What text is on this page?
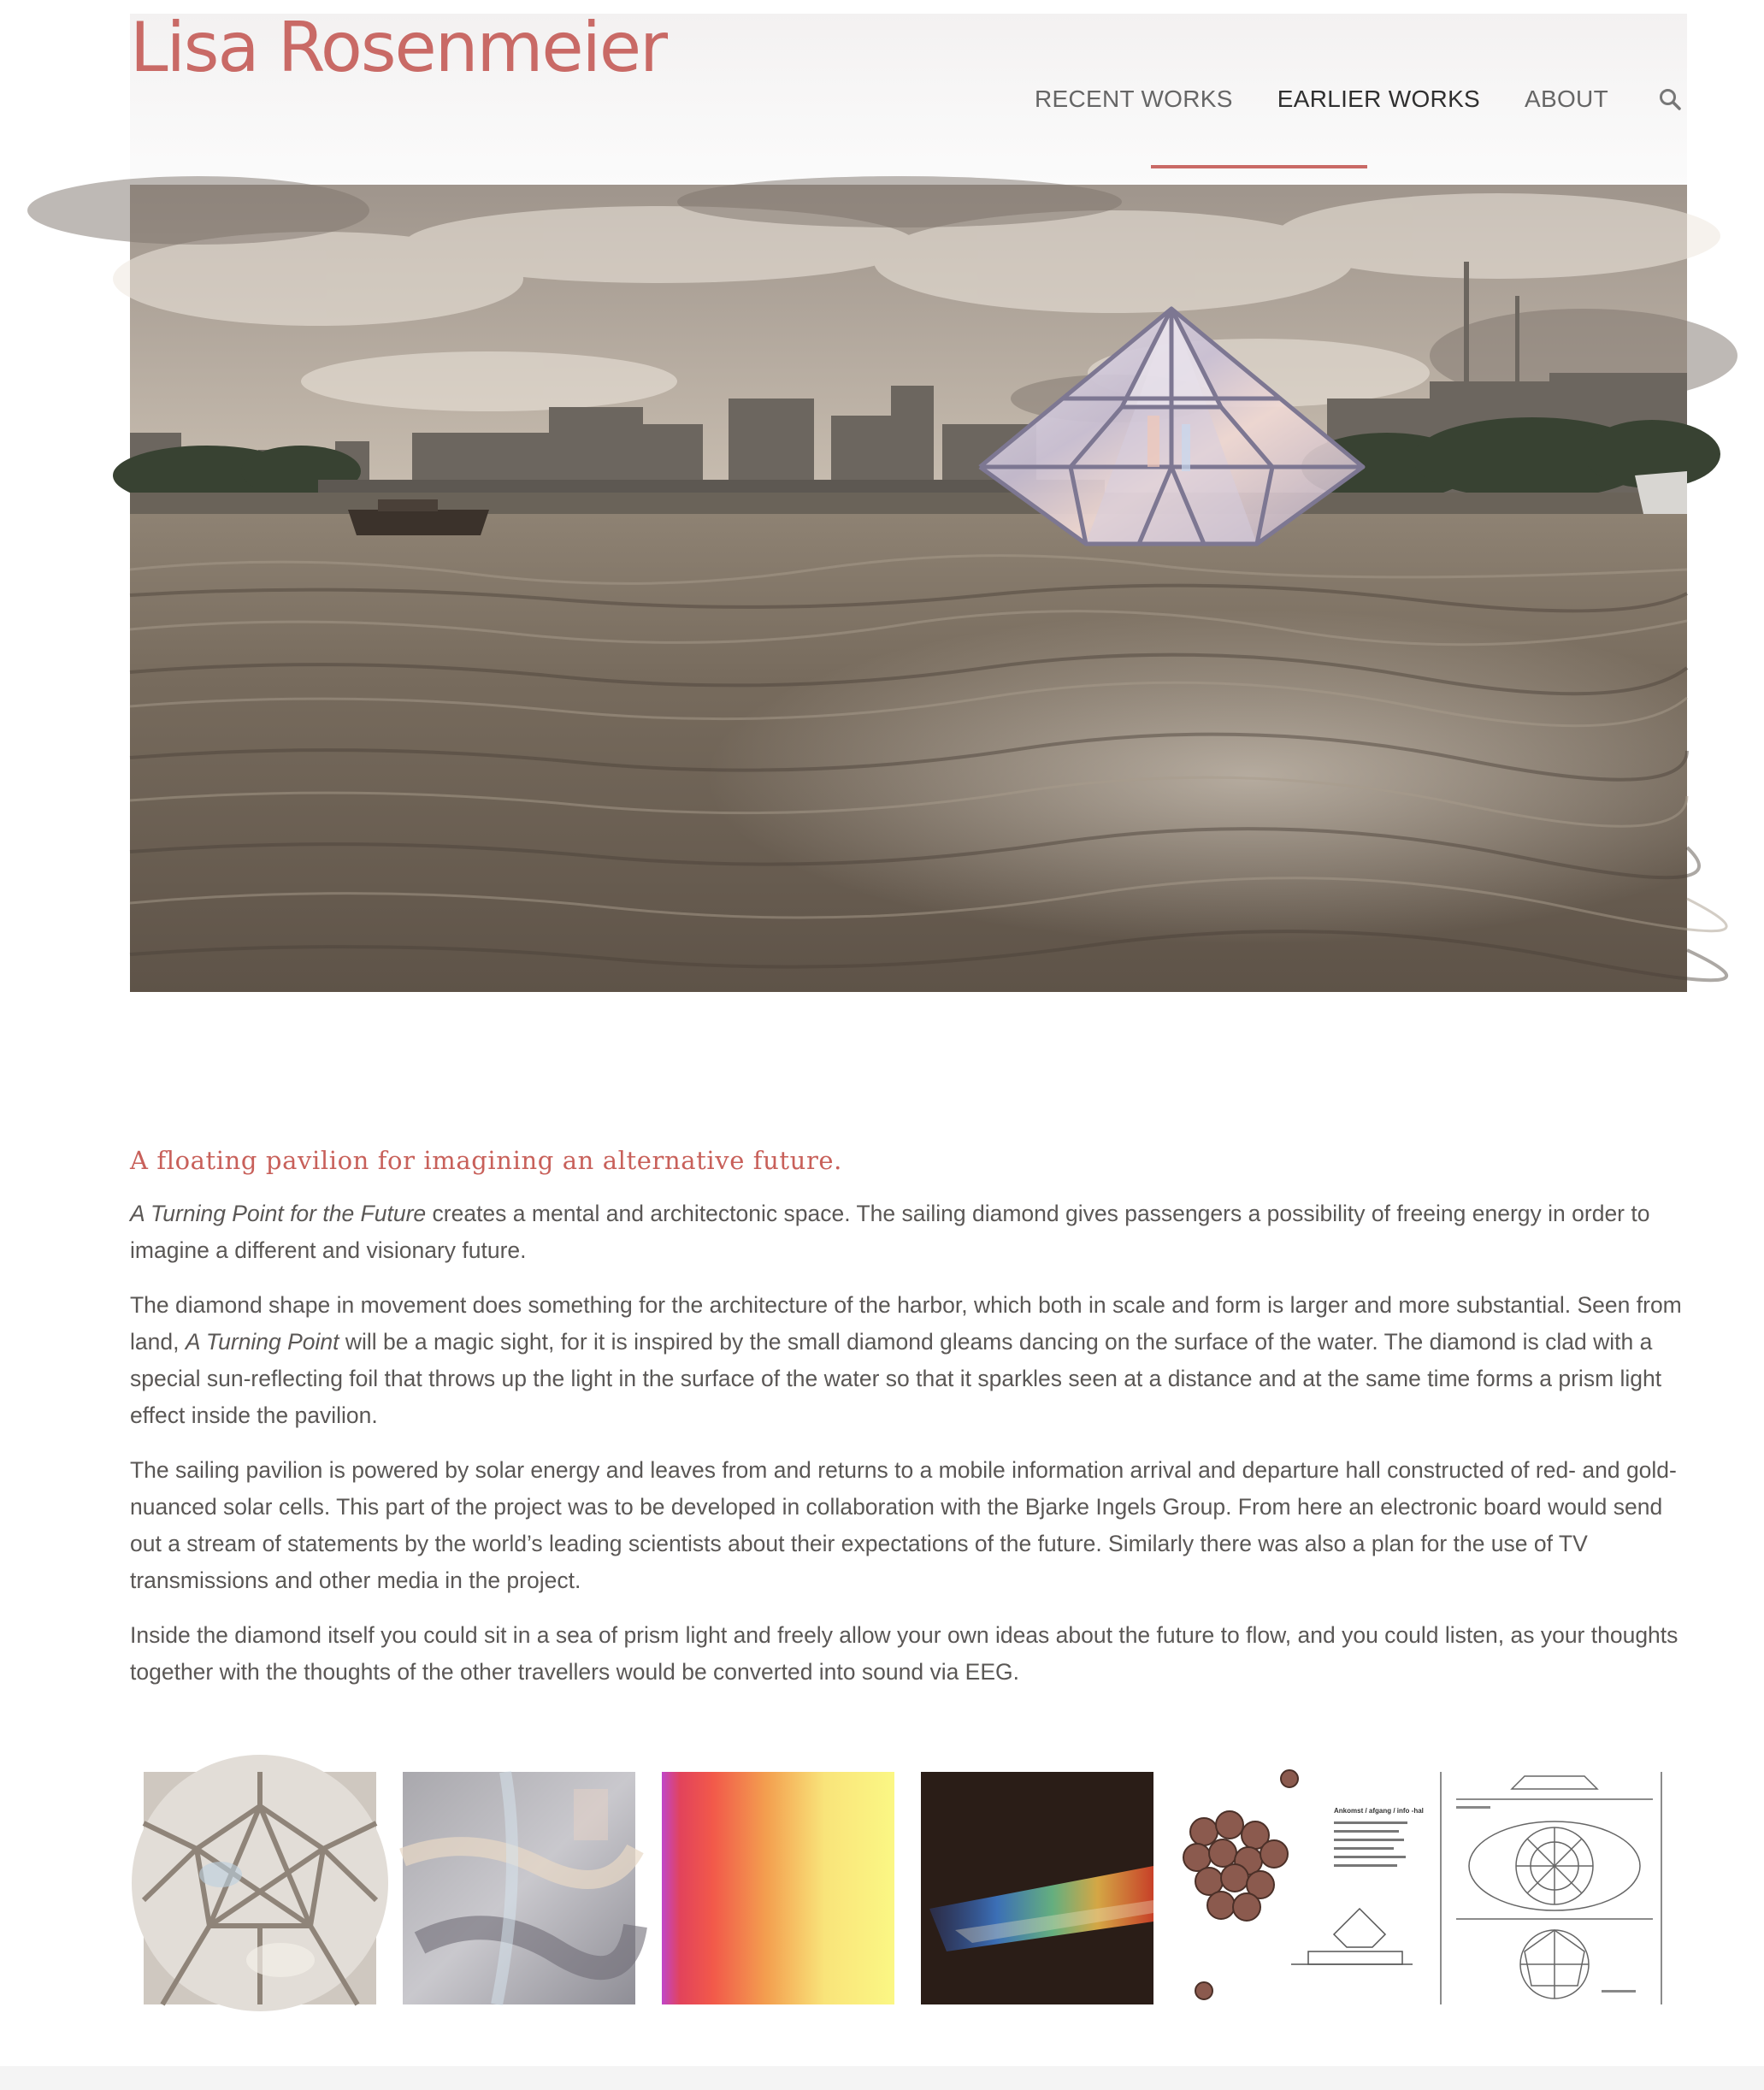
Lisa Rosenmeier
RECENT WORKS EARLIER WORKS ABOUT
A floating pavilion for imagining an alternative future.

A Turning Point for the Future creates a mental and architectonic space. The sailing diamond gives passengers a possibility of freeing energy in order to imagine a different and visionary future.

The diamond shape in movement does something for the architecture of the harbor, which both in scale and form is larger and more substantial. Seen from land, A Turning Point will be a magic sight, for it is inspired by the small diamond gleams dancing on the surface of the water. The diamond is clad with a special sun-reflecting foil that throws up the light in the surface of the water so that it sparkles seen at a distance and at the same time forms a prism light effect inside the pavilion.

The sailing pavilion is powered by solar energy and leaves from and returns to a mobile information arrival and departure hall constructed of red- and gold-nuanced solar cells. This part of the project was to be developed in collaboration with the Bjarke Ingels Group. From here an electronic board would send out a stream of statements by the world’s leading scientists about their expectations of the future. Similarly there was also a plan for the use of TV transmissions and other media in the project.

Inside the diamond itself you could sit in a sea of prism light and freely allow your own ideas about the future to flow, and you could listen, as your thoughts together with the thoughts of the other travellers would be converted into sound via EEG.

Ankomst / afgang / info -hal
